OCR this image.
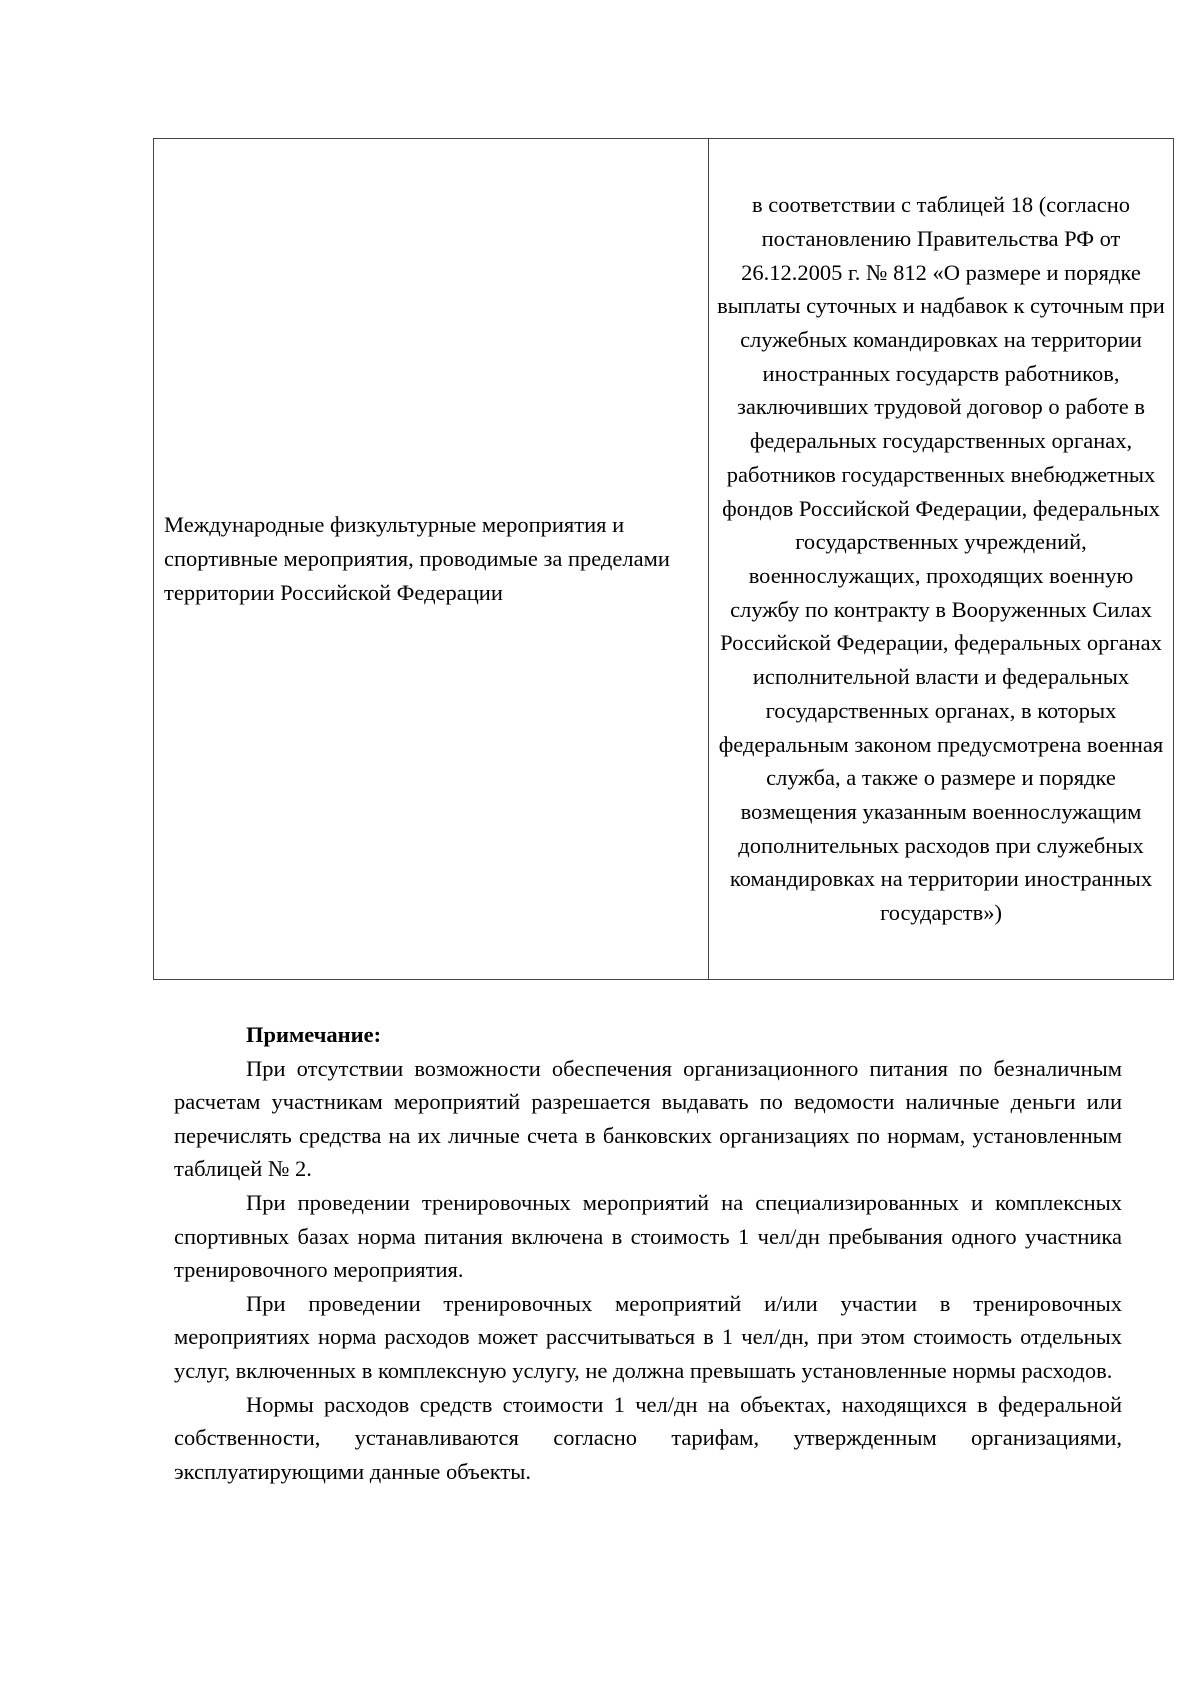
Международные физкультурные мероприятия и спортивные мероприятия, проводимые за пределами территории Российской Федерации	в соответствии с таблицей 18 (согласно постановлению Правительства РФ от 26.12.2005 г. № 812 «О размере и порядке выплаты суточных и надбавок к суточным при служебных командировках на территории иностранных государств работников, заключивших трудовой договор о работе в федеральных государственных органах, работников государственных внебюджетных фондов Российской Федерации, федеральных государственных учреждений, военнослужащих, проходящих военную службу по контракту в Вооруженных Силах Российской Федерации, федеральных органах исполнительной власти и федеральных государственных органах, в которых федеральным законом предусмотрена военная служба, а также о размере и порядке возмещения указанным военнослужащим дополнительных расходов при служебных командировках на территории иностранных государств»)

Примечание:

При отсутствии возможности обеспечения организационного питания по безналичным расчетам участникам мероприятий разрешается выдавать по ведомости наличные деньги или перечислять средства на их личные счета в банковских организациях по нормам, установленным таблицей № 2.

При проведении тренировочных мероприятий на специализированных и комплексных спортивных базах норма питания включена в стоимость 1 чел/дн пребывания одного участника тренировочного мероприятия.

При проведении тренировочных мероприятий и/или участии в тренировочных мероприятиях норма расходов может рассчитываться в 1 чел/дн, при этом стоимость отдельных услуг, включенных в комплексную услугу, не должна превышать установленные нормы расходов.

Нормы расходов средств стоимости 1 чел/дн на объектах, находящихся в федеральной собственности, устанавливаются согласно тарифам, утвержденным организациями, эксплуатирующими данные объекты.
